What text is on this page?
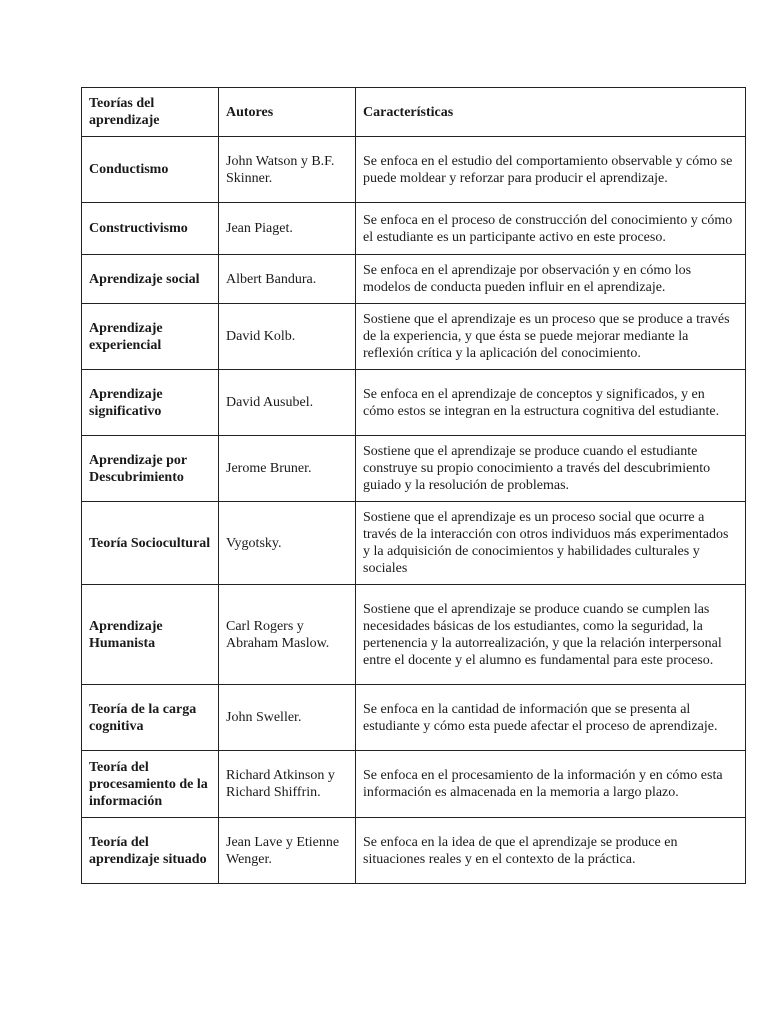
Teorías del aprendizaje	Autores	Características
Conductismo	John Watson y B.F. Skinner.	Se enfoca en el estudio del comportamiento observable y cómo se puede moldear y reforzar para producir el aprendizaje.
Constructivismo	Jean Piaget.	Se enfoca en el proceso de construcción del conocimiento y cómo el estudiante es un participante activo en este proceso.
Aprendizaje social	Albert Bandura.	Se enfoca en el aprendizaje por observación y en cómo los modelos de conducta pueden influir en el aprendizaje.
Aprendizaje experiencial	David Kolb.	Sostiene que el aprendizaje es un proceso que se produce a través de la experiencia, y que ésta se puede mejorar mediante la reflexión crítica y la aplicación del conocimiento.
Aprendizaje significativo	David Ausubel.	Se enfoca en el aprendizaje de conceptos y significados, y en cómo estos se integran en la estructura cognitiva del estudiante.
Aprendizaje por Descubrimiento	Jerome Bruner.	Sostiene que el aprendizaje se produce cuando el estudiante construye su propio conocimiento a través del descubrimiento guiado y la resolución de problemas.
Teoría Sociocultural	Vygotsky.	Sostiene que el aprendizaje es un proceso social que ocurre a través de la interacción con otros individuos más experimentados y la adquisición de conocimientos y habilidades culturales y sociales
Aprendizaje Humanista	Carl Rogers y Abraham Maslow.	Sostiene que el aprendizaje se produce cuando se cumplen las necesidades básicas de los estudiantes, como la seguridad, la pertenencia y la autorrealización, y que la relación interpersonal entre el docente y el alumno es fundamental para este proceso.
Teoría de la carga cognitiva	John Sweller.	Se enfoca en la cantidad de información que se presenta al estudiante y cómo esta puede afectar el proceso de aprendizaje.
Teoría del procesamiento de la información	Richard Atkinson y Richard Shiffrin.	Se enfoca en el procesamiento de la información y en cómo esta información es almacenada en la memoria a largo plazo.
Teoría del aprendizaje situado	Jean Lave y Etienne Wenger.	Se enfoca en la idea de que el aprendizaje se produce en situaciones reales y en el contexto de la práctica.
